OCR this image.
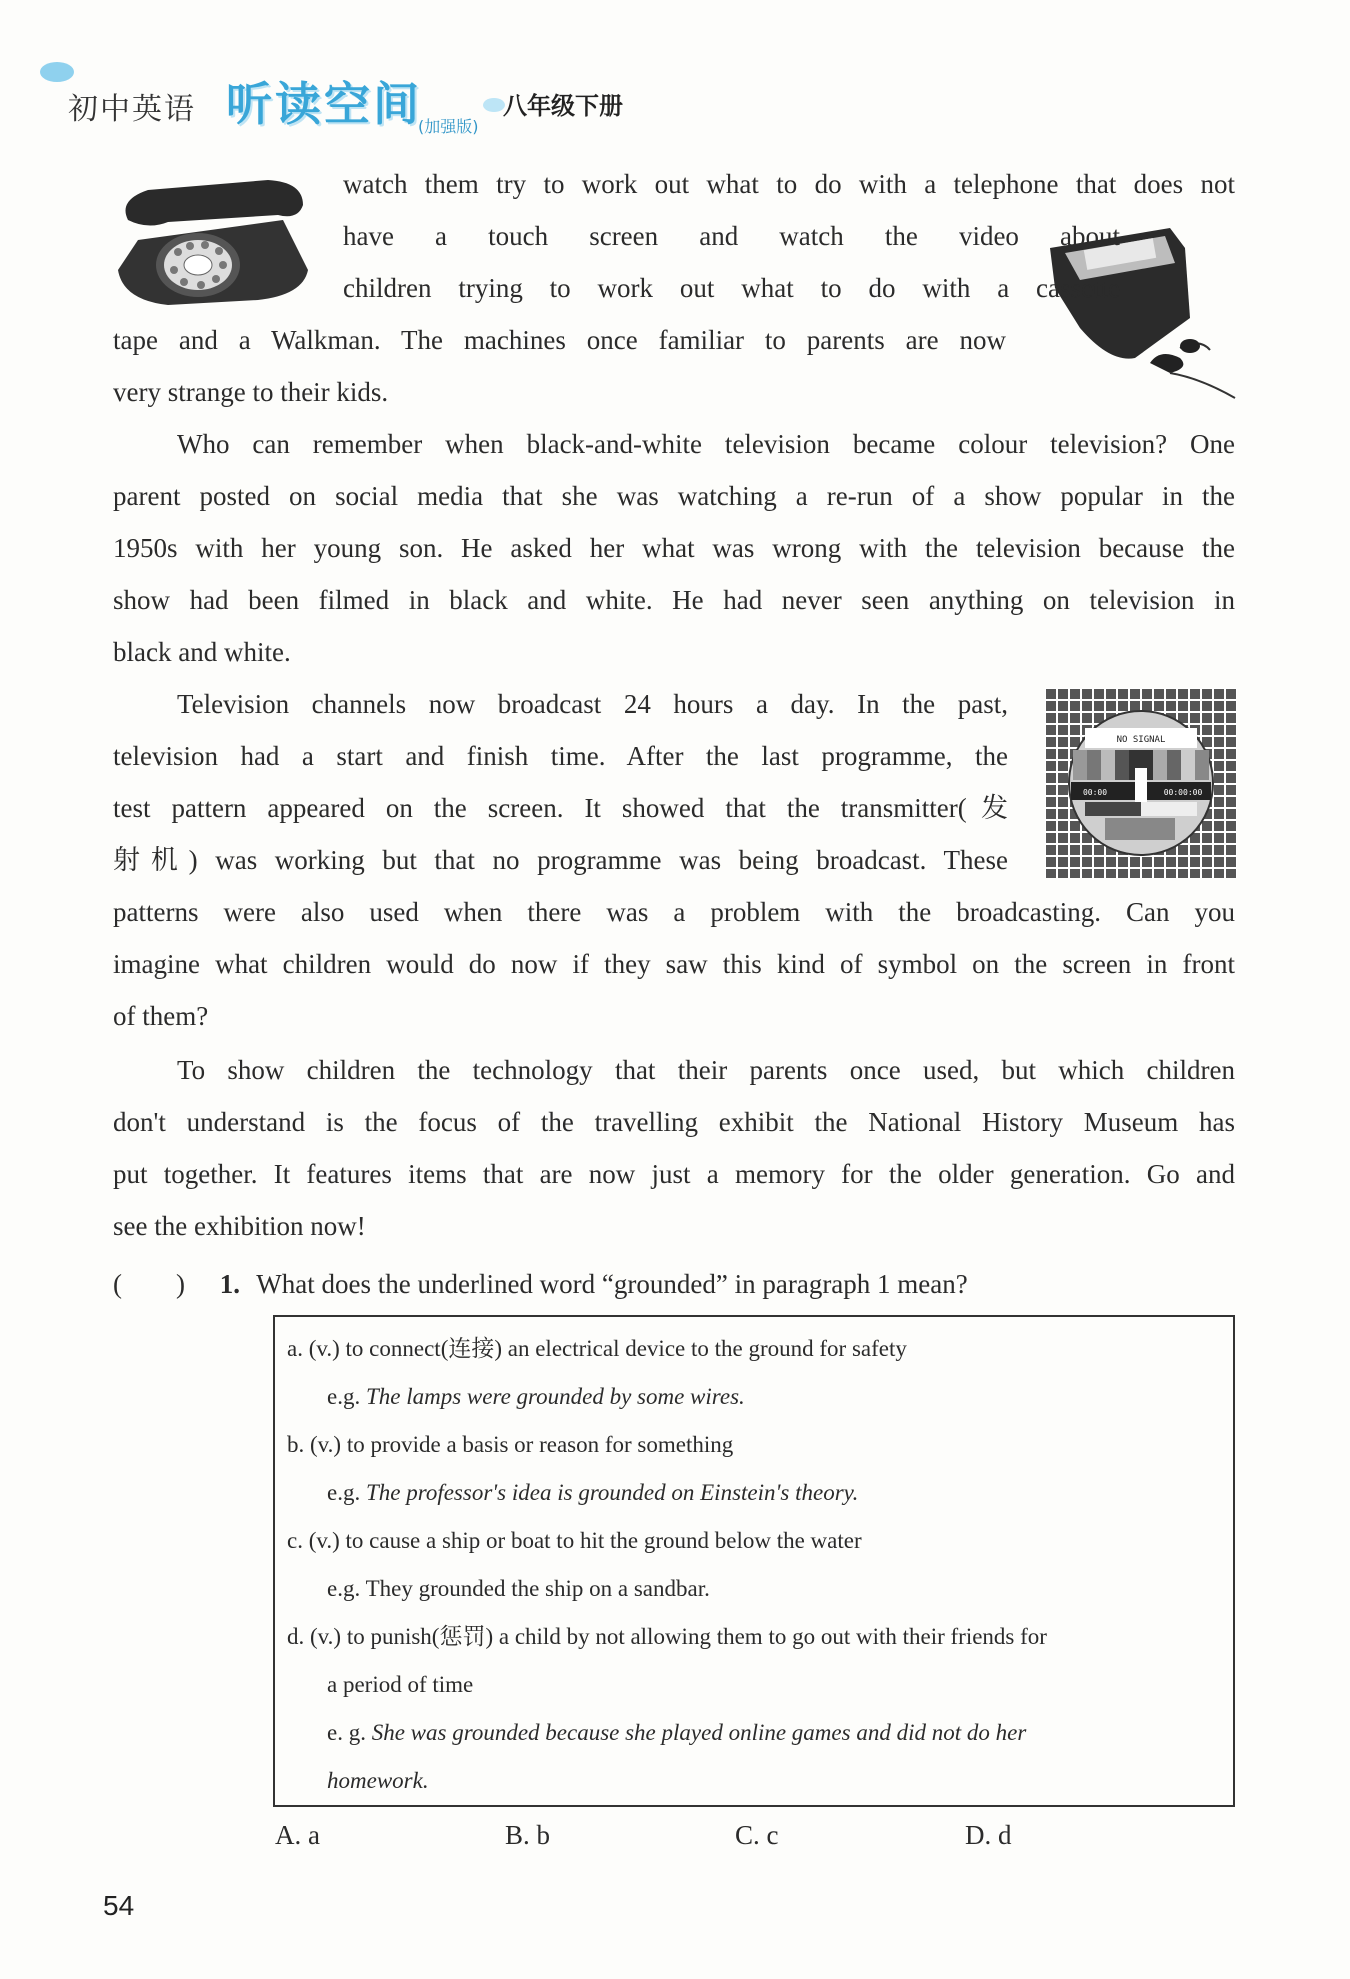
初中英语 听读空间
(加强版)
八年级下册
NO SIGNAL
00:00	00:00:00
watch them try to work out what to do with a telephone that does not
have a touch screen and watch the video about
children trying to work out what to do with a cassette
tape and a Walkman. The machines once familiar to parents are now
very strange to their kids.
Who can remember when black-and-white television became colour television? One
parent posted on social media that she was watching a re-run of a show popular in the
1950s with her young son. He asked her what was wrong with the television because the
show had been filmed in black and white. He had never seen anything on television in
black and white.
Television channels now broadcast 24 hours a day. In the past,
television had a start and finish time. After the last programme, the
test pattern appeared on the screen. It showed that the transmitter(发
射机) was working but that no programme was being broadcast. These
patterns were also used when there was a problem with the broadcasting. Can you
imagine what children would do now if they saw this kind of symbol on the screen in front
of them?
To show children the technology that their parents once used, but which children
don't understand is the focus of the travelling exhibit the National History Museum has
put together. It features items that are now just a memory for the older generation. Go and
see the exhibition now!
(　　) 1. What does the underlined word “grounded” in paragraph 1 mean?
a. (v.) to connect(连接) an electrical device to the ground for safety
e.g. The lamps were grounded by some wires.
b. (v.) to provide a basis or reason for something
e.g. The professor's idea is grounded on Einstein's theory.
c. (v.) to cause a ship or boat to hit the ground below the water
e.g. They grounded the ship on a sandbar.
d. (v.) to punish(惩罚) a child by not allowing them to go out with their friends for
a period of time
e. g. She was grounded because she played online games and did not do her
homework.
A. a	B. b	C. c	D. d
54
